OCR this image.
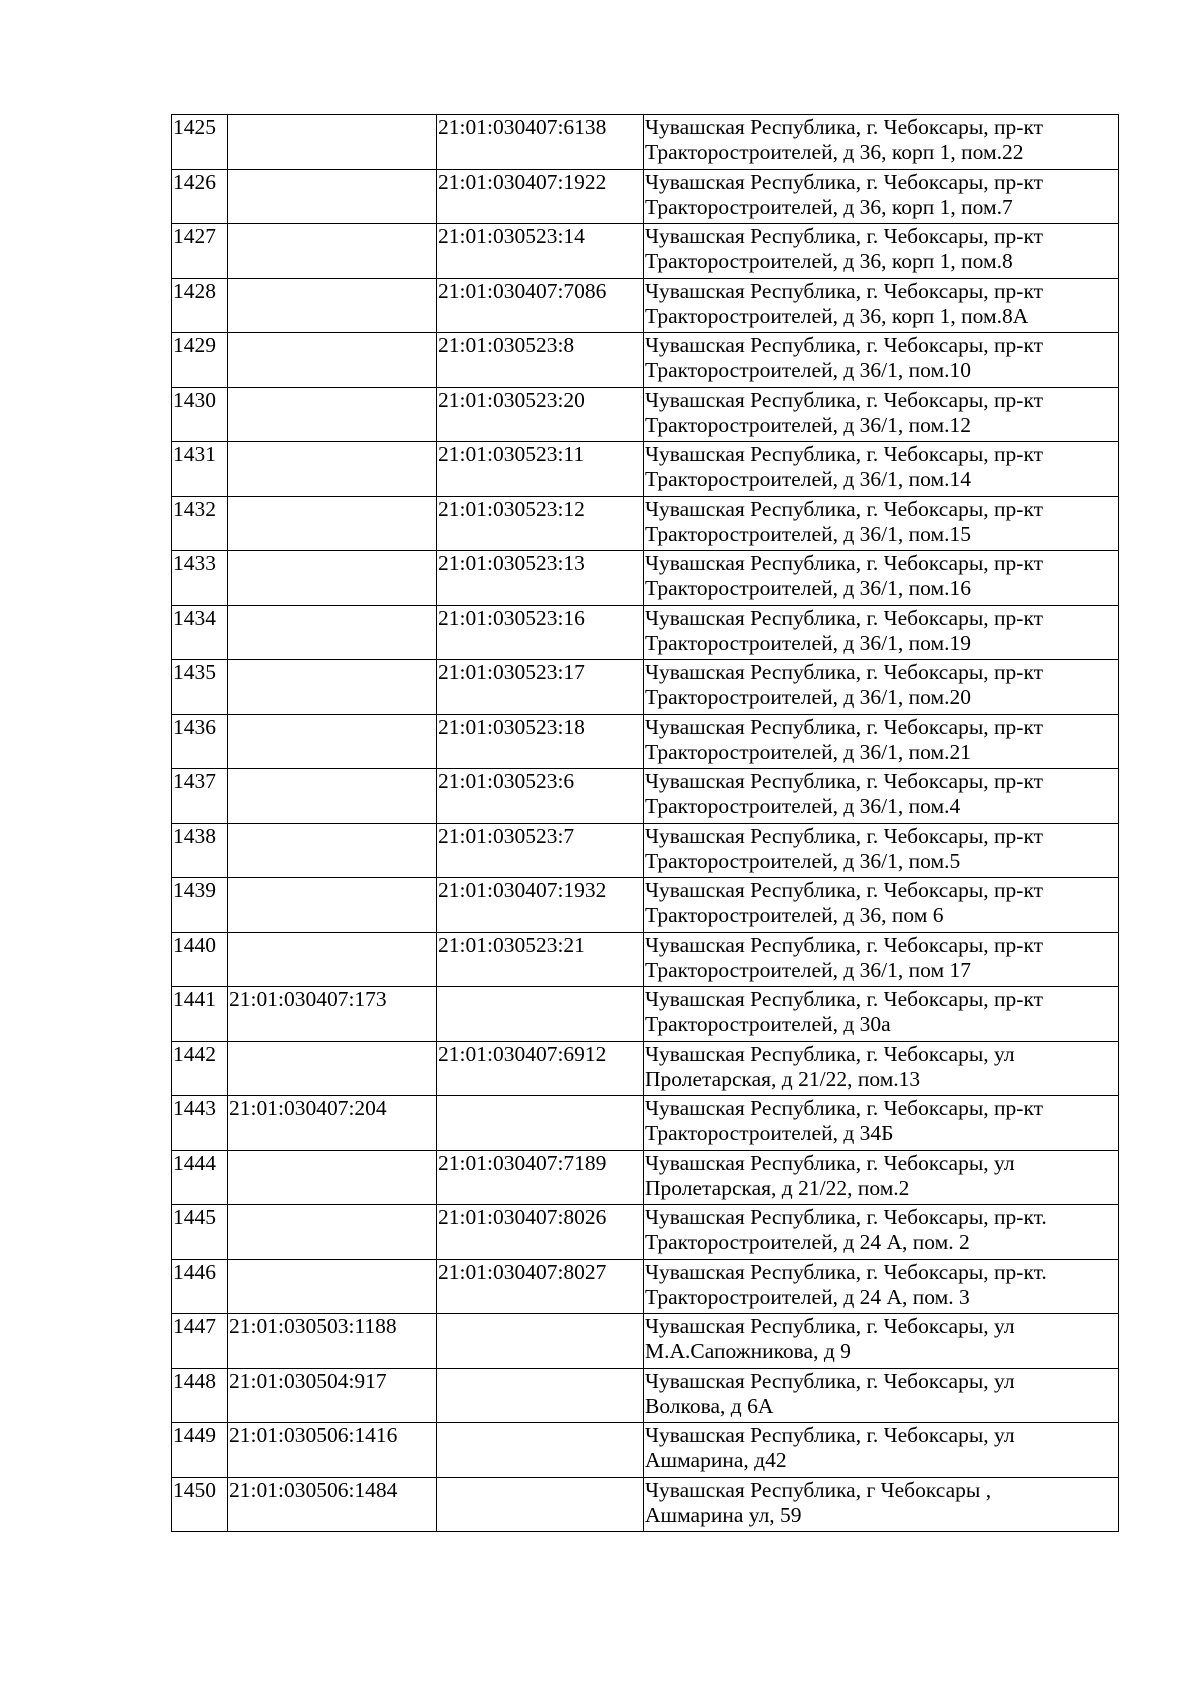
1425		21:01:030407:6138	Чувашская Республика, г. Чебоксары, пр-кт
Тракторостроителей, д 36, корп 1, пом.22

1426		21:01:030407:1922	Чувашская Республика, г. Чебоксары, пр-кт
Тракторостроителей, д 36, корп 1, пом.7

1427		21:01:030523:14	Чувашская Республика, г. Чебоксары, пр-кт
Тракторостроителей, д 36, корп 1, пом.8

1428		21:01:030407:7086	Чувашская Республика, г. Чебоксары, пр-кт
Тракторостроителей, д 36, корп 1, пом.8А

1429		21:01:030523:8	Чувашская Республика, г. Чебоксары, пр-кт
Тракторостроителей, д 36/1, пом.10

1430		21:01:030523:20	Чувашская Республика, г. Чебоксары, пр-кт
Тракторостроителей, д 36/1, пом.12

1431		21:01:030523:11	Чувашская Республика, г. Чебоксары, пр-кт
Тракторостроителей, д 36/1, пом.14

1432		21:01:030523:12	Чувашская Республика, г. Чебоксары, пр-кт
Тракторостроителей, д 36/1, пом.15

1433		21:01:030523:13	Чувашская Республика, г. Чебоксары, пр-кт
Тракторостроителей, д 36/1, пом.16

1434		21:01:030523:16	Чувашская Республика, г. Чебоксары, пр-кт
Тракторостроителей, д 36/1, пом.19

1435		21:01:030523:17	Чувашская Республика, г. Чебоксары, пр-кт
Тракторостроителей, д 36/1, пом.20

1436		21:01:030523:18	Чувашская Республика, г. Чебоксары, пр-кт
Тракторостроителей, д 36/1, пом.21

1437		21:01:030523:6	Чувашская Республика, г. Чебоксары, пр-кт
Тракторостроителей, д 36/1, пом.4

1438		21:01:030523:7	Чувашская Республика, г. Чебоксары, пр-кт
Тракторостроителей, д 36/1, пом.5

1439		21:01:030407:1932	Чувашская Республика, г. Чебоксары, пр-кт
Тракторостроителей, д 36, пом 6

1440		21:01:030523:21	Чувашская Республика, г. Чебоксары, пр-кт
Тракторостроителей, д 36/1, пом 17

1441	21:01:030407:173		Чувашская Республика, г. Чебоксары, пр-кт
Тракторостроителей, д 30а

1442		21:01:030407:6912	Чувашская Республика, г. Чебоксары, ул
Пролетарская, д 21/22, пом.13

1443	21:01:030407:204		Чувашская Республика, г. Чебоксары, пр-кт
Тракторостроителей, д 34Б

1444		21:01:030407:7189	Чувашская Республика, г. Чебоксары, ул
Пролетарская, д 21/22, пом.2

1445		21:01:030407:8026	Чувашская Республика, г. Чебоксары, пр-кт.
Тракторостроителей, д 24 А, пом. 2

1446		21:01:030407:8027	Чувашская Республика, г. Чебоксары, пр-кт.
Тракторостроителей, д 24 А, пом. 3

1447	21:01:030503:1188		Чувашская Республика, г. Чебоксары, ул
М.А.Сапожникова, д 9

1448	21:01:030504:917		Чувашская Республика, г. Чебоксары, ул
Волкова, д 6А

1449	21:01:030506:1416		Чувашская Республика, г. Чебоксары, ул
Ашмарина, д42

1450	21:01:030506:1484		Чувашская Республика, г Чебоксары ,
Ашмарина ул, 59
